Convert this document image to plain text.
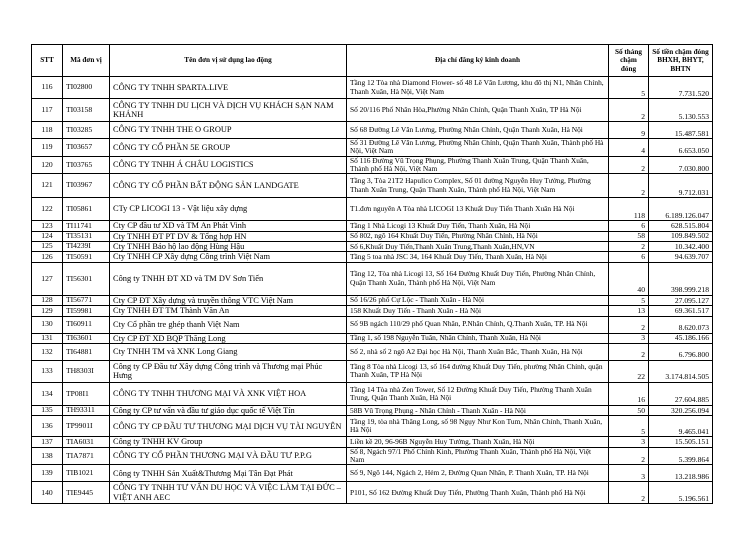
STT	Mã đơn vị	Tên đơn vị sử dụng lao động	Địa chỉ đăng ký kinh doanh	Số tháng chậm đóng	Số tiền chậm đóng BHXH, BHYT, BHTN
116	TI02800	CÔNG TY TNHH SPARTA.LIVE	Tầng 12 Tòa nhà Diamond Flower- số 48 Lê Văn Lương, khu đô thị N1, Nhân Chính, Thanh Xuân, Hà Nội, Việt Nam	5	7.731.520
117	TI03158	CÔNG TY TNHH DU LỊCH VÀ DỊCH VỤ KHÁCH SẠN NAM KHÁNH	Số 20/116 Phố Nhân Hòa,Phường Nhân Chính, Quận Thanh Xuân, TP Hà Nội	2	5.130.553
118	TI03285	CÔNG TY TNHH THE O GROUP	Số 68 Đường Lê Văn Lương, Phường Nhân Chính, Quận Thanh Xuân, Hà Nội	9	15.487.581
119	TI03657	CÔNG TY CỔ PHẦN 5E GROUP	Số 31 Đường Lê Văn Lương, Phường Nhân Chính, Quận Thanh Xuân, Thành phố Hà Nội, Việt Nam	4	6.653.050
120	TI03765	CÔNG TY TNHH Á CHÂU LOGISTICS	Số 116 Đường Vũ Trọng Phụng, Phường Thanh Xuân Trung, Quận Thanh Xuân, Thành phố Hà Nội, Việt Nam	2	7.030.800
121	TI03967	CÔNG TY CỔ PHẦN BẤT ĐỘNG SẢN LANDGATE	Tầng 3, Tòa 21T2 Hapulico Complex, Số 01 đường Nguyễn Huy Tưởng, Phường Thanh Xuân Trung, Quận Thanh Xuân, Thành phố Hà Nội, Việt Nam	2	9.712.031
122	TI05861	CTy CP LICOGI 13 - Vật liệu xây dựng	T1.đơn nguyên A Tòa nhà LICOGI 13 Khuất Duy Tiến Thanh Xuân Hà Nội	118	6.189.126.047
123	TI11741	Cty CP đầu tư XD và TM An Phát Vinh	Tầng 1 Nhà Licogi 13 Khuất Duy Tiến, Thanh Xuân, Hà Nội	6	628.515.804
124	TI35131	Cty TNHH ĐT PT DV & Tổng hợp HN	Số 802, ngõ 164 Khuất Duy Tiến, Phường Nhân Chính, Hà Nội	58	109.849.502
125	TI4239I	Cty TNHH Bảo hộ lao động Hùng Hậu	Số 6,Khuất Duy Tiến,Thanh Xuân Trung,Thanh Xuân,HN,VN	2	10.342.400
126	TI50591	Cty TNHH CP Xây dựng Công trình Việt Nam	Tầng 5 toa nhà JSC 34, 164 Khuất Duy Tiến, Thanh Xuân, Hà Nội	6	94.639.707
127	TI56301	Công ty TNHH ĐT XD và TM DV Sơn Tiến	Tầng 12, Tòa nhà Licogi 13, Số 164 Đường Khuất Duy Tiến, Phường Nhân Chính, Quận Thanh Xuân, Thành phố Hà Nội, Việt Nam	40	398.999.218
128	TI56771	Cty CP ĐT Xây dựng và truyền thông VTC Việt Nam	Số 16/26 phố Cự Lộc - Thanh Xuân - Hà Nội	5	27.095.127
129	TI59981	Cty TNHH ĐT TM Thành Văn An	158 Khuất Duy Tiến - Thanh Xuân - Hà Nội	13	69.361.517
130	TI60911	Cty Cổ phần tre ghép thanh Việt Nam	Số 9B ngách 110/29 phố Quan Nhân, P.Nhân Chính, Q.Thanh Xuân, TP. Hà Nội	2	8.620.073
131	TI63601	Cty CP ĐT XD BQP Thăng Long	Tầng 1, số 198 Nguyễn Tuân, Nhân Chính, Thanh Xuân, Hà Nội	3	45.186.166
132	TI64881	Cty TNHH TM và XNK Long Giang	Số 2, nhà số 2 ngõ A2 Đại học Hà Nội, Thanh Xuân Bắc, Thanh Xuân, Hà Nội	2	6.796.800
133	TH8303I	Công ty CP Đầu tư Xây dựng Công trình và Thương mại Phúc Hưng	Tầng 8 Tòa nhà Licogi 13, số 164 đường Khuất Duy Tiến, phường Nhân Chính, quận Thanh Xuân, TP Hà Nội	22	3.174.814.505
134	TP08I1	CÔNG TY TNHH THƯƠNG MẠI VÀ XNK VIỆT HOA	Tầng 14 Tòa nhà Zen Tower, Số 12 Đường Khuất Duy Tiến, Phường Thanh Xuân Trung, Quận Thanh Xuân, Hà Nội	16	27.604.885
135	TH93311	Công ty CP tư vấn và đầu tư giáo dục quốc tế Việt Tín	58B Vũ Trọng Phụng - Nhân Chính - Thanh Xuân - Hà Nội	50	320.256.094
136	TP9901I	CÔNG TY CP ĐẦU TƯ THƯƠNG MẠI DỊCH VỤ TÀI NGUYÊN	Tầng 19, tòa nhà Thăng Long, số 98 Ngụy Như Kon Tum, Nhân Chính, Thanh Xuân, Hà Nội	5	9.465.041
137	TIA6031	Công ty TNHH KV Group	Liền kề 20, 96-96B Nguyễn Huy Tưởng, Thanh Xuân, Hà Nội	3	15.505.151
138	TIA7871	CÔNG TY CỔ PHẦN THƯƠNG MẠI VÀ ĐẦU TƯ P.P.G	Số 8, Ngách 97/1 Phố Chính Kinh, Phường Thanh Xuân, Thành phố Hà Nội, Việt Nam	2	5.399.864
139	TIB1021	Công ty TNHH Sản Xuất&Thương Mại Tân Đạt Phát	Số 9, Ngõ 144, Ngách 2, Hẻm 2, Đường Quan Nhân, P. Thanh Xuân, TP. Hà Nội	3	13.218.986
140	TIE9445	CÔNG TY TNHH TƯ VẤN DU HỌC VÀ VIỆC LÀM TẠI ĐỨC – VIỆT ANH AEC	P101, Số 162 Đường Khuất Duy Tiến, Phường Thanh Xuân, Thành phố Hà Nội	2	5.196.561
